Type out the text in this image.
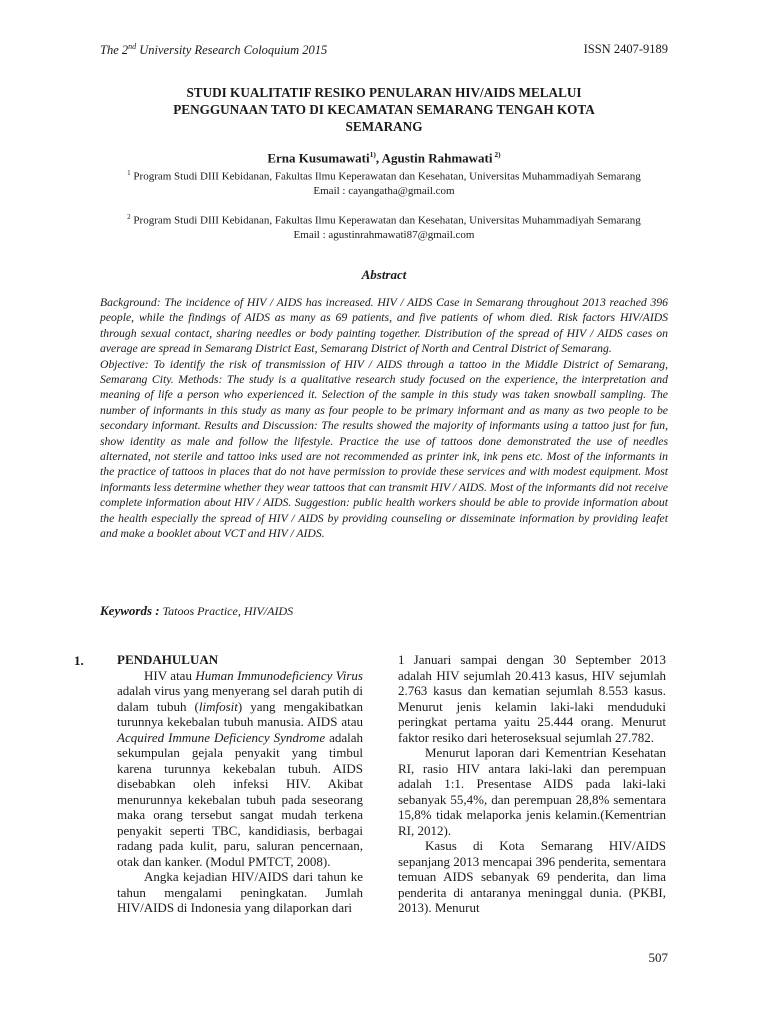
The 2nd University Research Coloquium 2015	ISSN 2407-9189
STUDI KUALITATIF RESIKO PENULARAN HIV/AIDS MELALUI
PENGGUNAAN TATO DI KECAMATAN SEMARANG TENGAH KOTA
SEMARANG
Erna Kusumawati$^{1)}$, Agustin Rahmawati $^{2)}$
$^1$ Program Studi DIII Kebidanan, Fakultas Ilmu Keperawatan dan Kesehatan, Universitas Muhammadiyah Semarang
Email : cayangatha@gmail.com
$^2$ Program Studi DIII Kebidanan, Fakultas Ilmu Keperawatan dan Kesehatan, Universitas Muhammadiyah Semarang
Email : agustinrahmawati87@gmail.com
Abstract

Background: The incidence of HIV / AIDS has increased. HIV / AIDS Case in Semarang throughout 2013 reached 396 people, while the findings of AIDS as many as 69 patients, and five patients of whom died. Risk factors HIV/AIDS through sexual contact, sharing needles or body painting together. Distribution of the spread of HIV / AIDS cases on average are spread in Semarang District East, Semarang District of North and Central District of Semarang.

Objective: To identify the risk of transmission of HIV / AIDS through a tattoo in the Middle District of Semarang, Semarang City. Methods: The study is a qualitative research study focused on the experience, the interpretation and meaning of life a person who experienced it. Selection of the sample in this study was taken snowball sampling. The number of informants in this study as many as four people to be primary informant and as many as two people to be secondary informant. Results and Discussion: The results showed the majority of informants using a tattoo just for fun, show identity as male and follow the lifestyle. Practice the use of tattoos done demonstrated the use of needles alternated, not sterile and tattoo inks used are not recommended as printer ink, ink pens etc. Most of the informants in the practice of tattoos in places that do not have permission to provide these services and with modest equipment. Most informants less determine whether they wear tattoos that can transmit HIV / AIDS. Most of the informants did not receive complete information about HIV / AIDS. Suggestion: public health workers should be able to provide information about the health especially the spread of HIV / AIDS by providing counseling or disseminate information by providing leafet and make a booklet about VCT and HIV / AIDS.

Keywords : Tatoos Practice, HIV/AIDS
1.	PENDAHULUAN

HIV atau Human Immunodeficiency Virus adalah virus yang menyerang sel darah putih di dalam tubuh (limfosit) yang mengakibatkan turunnya kekebalan tubuh manusia. AIDS atau Acquired Immune Deficiency Syndrome adalah sekumpulan gejala penyakit yang timbul karena turunnya kekebalan tubuh. AIDS disebabkan oleh infeksi HIV. Akibat menurunnya kekebalan tubuh pada seseorang maka orang tersebut sangat mudah terkena penyakit seperti TBC, kandidiasis, berbagai radang pada kulit, paru, saluran pencernaan, otak dan kanker. (Modul PMTCT, 2008).

Angka kejadian HIV/AIDS dari tahun ke tahun mengalami peningkatan. Jumlah HIV/AIDS di Indonesia yang dilaporkan dari

1 Januari sampai dengan 30 September 2013 adalah HIV sejumlah 20.413 kasus, HIV sejumlah 2.763 kasus dan kematian sejumlah 8.553 kasus. Menurut jenis kelamin laki-laki menduduki peringkat pertama yaitu 25.444 orang. Menurut faktor resiko dari heteroseksual sejumlah 27.782.

Menurut laporan dari Kementrian Kesehatan RI, rasio HIV antara laki-laki dan perempuan adalah 1:1. Presentase AIDS pada laki-laki sebanyak 55,4%, dan perempuan 28,8% sementara 15,8% tidak melaporka jenis kelamin.(Kementrian RI, 2012).

Kasus di Kota Semarang HIV/AIDS sepanjang 2013 mencapai 396 penderita, sementara temuan AIDS sebanyak 69 penderita, dan lima penderita di antaranya meninggal dunia. (PKBI, 2013). Menurut

507
